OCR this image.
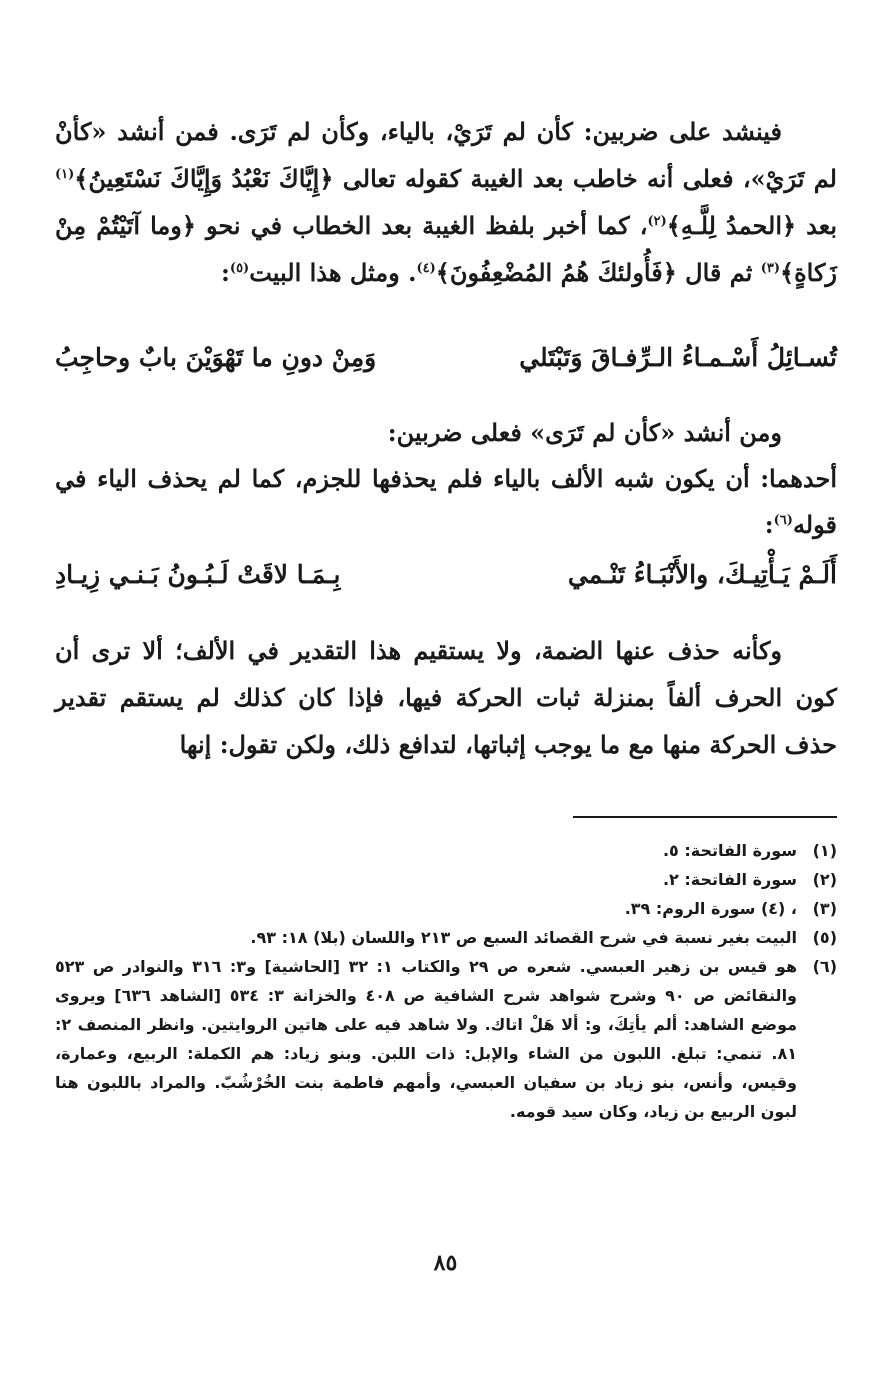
فينشد على ضربين: كأن لم تَرَيْ، بالياء، وكأن لم تَرَى. فمن أنشد «كأنْ لم تَرَيْ»، فعلى أنه خاطب بعد الغيبة كقوله تعالى ﴿إِيَّاكَ نَعْبُدُ وَإِيَّاكَ نَسْتَعِينُ﴾$^{(١)}$ بعد ﴿الحمدُ لِلَّـهِ﴾$^{(٢)}$، كما أخبر بلفظ الغيبة بعد الخطاب في نحو ﴿وما آتَيْتُمْ مِنْ زَكاةٍ﴾$^{(٣)}$ ثم قال ﴿فَأُولئكَ هُمُ المُضْعِفُونَ﴾$^{(٤)}$. ومثل هذا البيت$^{(٥)}$:

تُسـائِلُ أَسْـمـاءُ الـرِّفـاقَ وَتَبْتَلي
وَمِنْ دونِ ما تَهْوَيْنَ بابٌ وحاجِبُ

ومن أنشد «كأن لم تَرَى» فعلى ضربين:

أحدهما: أن يكون شبه الألف بالياء فلم يحذفها للجزم، كما لم يحذف الياء في قوله$^{(٦)}$:

أَلَـمْ يَـأْتِيـكَ، والأَنْبَـاءُ تَنْـمي
بِـمَـا لاقَتْ لَـبُـونُ بَـنـي زِيـادِ

وكأنه حذف عنها الضمة، ولا يستقيم هذا التقدير في الألف؛ ألا ترى أن كون الحرف ألفاً بمنزلة ثبات الحركة فيها، فإذا كان كذلك لم يستقم تقدير حذف الحركة منها مع ما يوجب إثباتها، لتدافع ذلك، ولكن تقول: إنها

(١)
سورة الفاتحة: ٥.
(٢)
سورة الفاتحة: ٢.
(٣)
، (٤) سورة الروم: ٣٩.
(٥)
البيت بغير نسبة في شرح القصائد السبع ص ٢١٣ واللسان (بلا) ١٨: ٩٣.
(٦)
هو قيس بن زهير العبسي. شعره ص ٢٩ والكتاب ١: ٣٢ [الحاشية] و٣: ٣١٦ والنوادر ص ٥٢٣ والنقائض ص ٩٠ وشرح شواهد شرح الشافية ص ٤٠٨ والخزانة ٣: ٥٣٤ [الشاهد ٦٣٦] ويروى موضع الشاهد: ألم يأتِكَ، و: ألا هَلْ اتاك. ولا شاهد فيه على هاتين الروايتين. وانظر المنصف ٢: ٨١. تنمي: تبلغ. اللبون من الشاء والإبل: ذات اللبن. وبنو زياد: هم الكملة: الربيع، وعمارة، وقيس، وأنس، بنو زياد بن سفيان العبسي، وأمهم فاطمة بنت الخُرْشُبّ. والمراد باللبون هنا لبون الربيع بن زياد، وكان سيد قومه.
٨٥
